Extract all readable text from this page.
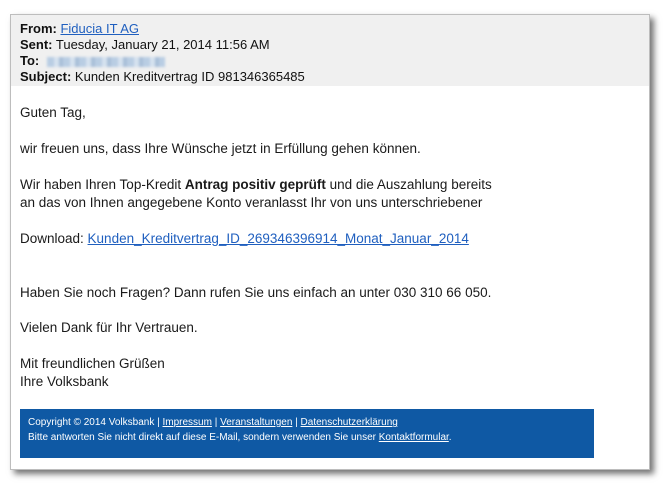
From: Fiducia IT AG
Sent: Tuesday, January 21, 2014 11:56 AM
To:
Subject: Kunden Kreditvertrag ID 981346365485
Guten Tag,
wir freuen uns, dass Ihre Wünsche jetzt in Erfüllung gehen können.
Wir haben Ihren Top-Kredit Antrag positiv geprüft und die Auszahlung bereits
an das von Ihnen angegebene Konto veranlasst Ihr von uns unterschriebener
Download: Kunden_Kreditvertrag_ID_269346396914_Monat_Januar_2014
Haben Sie noch Fragen? Dann rufen Sie uns einfach an unter 030 310 66 050.
Vielen Dank für Ihr Vertrauen.
Mit freundlichen Grüßen
Ihre Volksbank
Copyright © 2014 Volksbank | Impressum | Veranstaltungen | Datenschutzerklärung
Bitte antworten Sie nicht direkt auf diese E-Mail, sondern verwenden Sie unser Kontaktformular.
